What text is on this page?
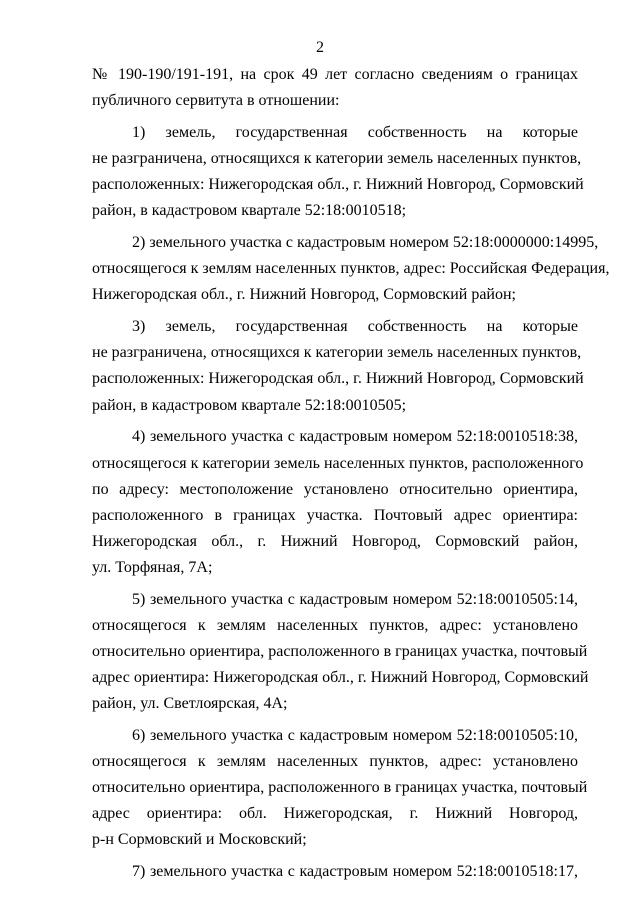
2
№ 190-190/191-191, на срок 49 лет согласно сведениям о границах
публичного сервитута в отношении:
1) земель, государственная собственность на которые
не разграничена, относящихся к категории земель населенных пунктов,
расположенных: Нижегородская обл., г. Нижний Новгород, Сормовский
район, в кадастровом квартале 52:18:0010518;
2) земельного участка с кадастровым номером 52:18:0000000:14995,
относящегося к землям населенных пунктов, адрес: Российская Федерация,
Нижегородская обл., г. Нижний Новгород, Сормовский район;
3) земель, государственная собственность на которые
не разграничена, относящихся к категории земель населенных пунктов,
расположенных: Нижегородская обл., г. Нижний Новгород, Сормовский
район, в кадастровом квартале 52:18:0010505;
4) земельного участка с кадастровым номером 52:18:0010518:38,
относящегося к категории земель населенных пунктов, расположенного
по адресу: местоположение установлено относительно ориентира,
расположенного в границах участка. Почтовый адрес ориентира:
Нижегородская обл., г. Нижний Новгород, Сормовский район,
ул. Торфяная, 7А;
5) земельного участка с кадастровым номером 52:18:0010505:14,
относящегося к землям населенных пунктов, адрес: установлено
относительно ориентира, расположенного в границах участка, почтовый
адрес ориентира: Нижегородская обл., г. Нижний Новгород, Сормовский
район, ул. Светлоярская, 4А;
6) земельного участка с кадастровым номером 52:18:0010505:10,
относящегося к землям населенных пунктов, адрес: установлено
относительно ориентира, расположенного в границах участка, почтовый
адрес ориентира: обл. Нижегородская, г. Нижний Новгород,
р-н Сормовский и Московский;
7) земельного участка с кадастровым номером 52:18:0010518:17,
